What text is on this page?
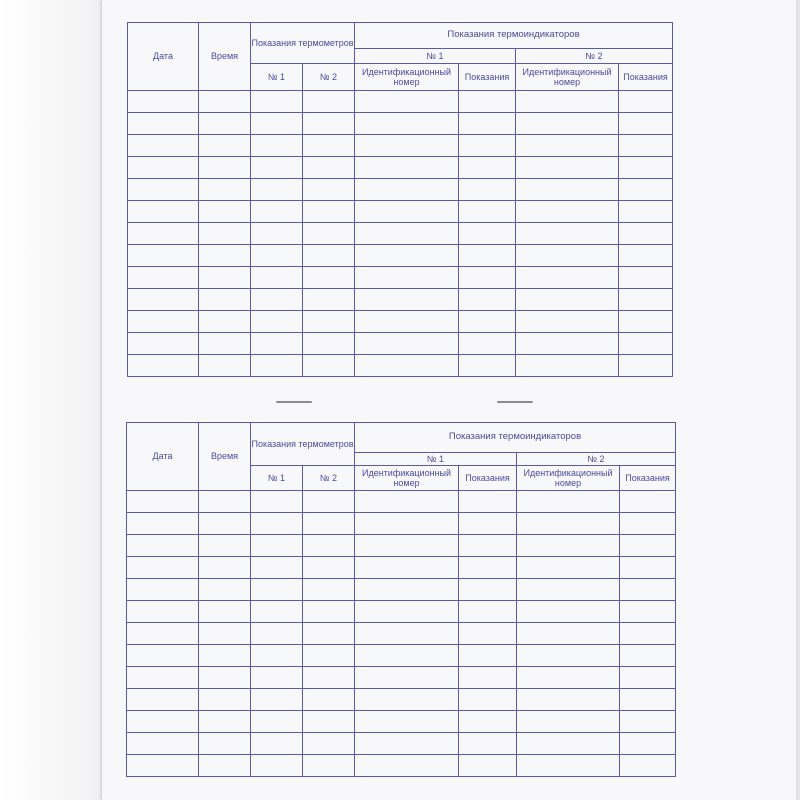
Дата	Время	Показания термометров		Показания термоиндикаторов			
				№ 1		№ 2	
		№ 1	№ 2	Идентификационный номер	Показания	Идентификационный номер	Показания

Дата	Время	Показания термометров		Показания термоиндикаторов			
				№ 1		№ 2	
		№ 1	№ 2	Идентификационный номер	Показания	Идентификационный номер	Показания
